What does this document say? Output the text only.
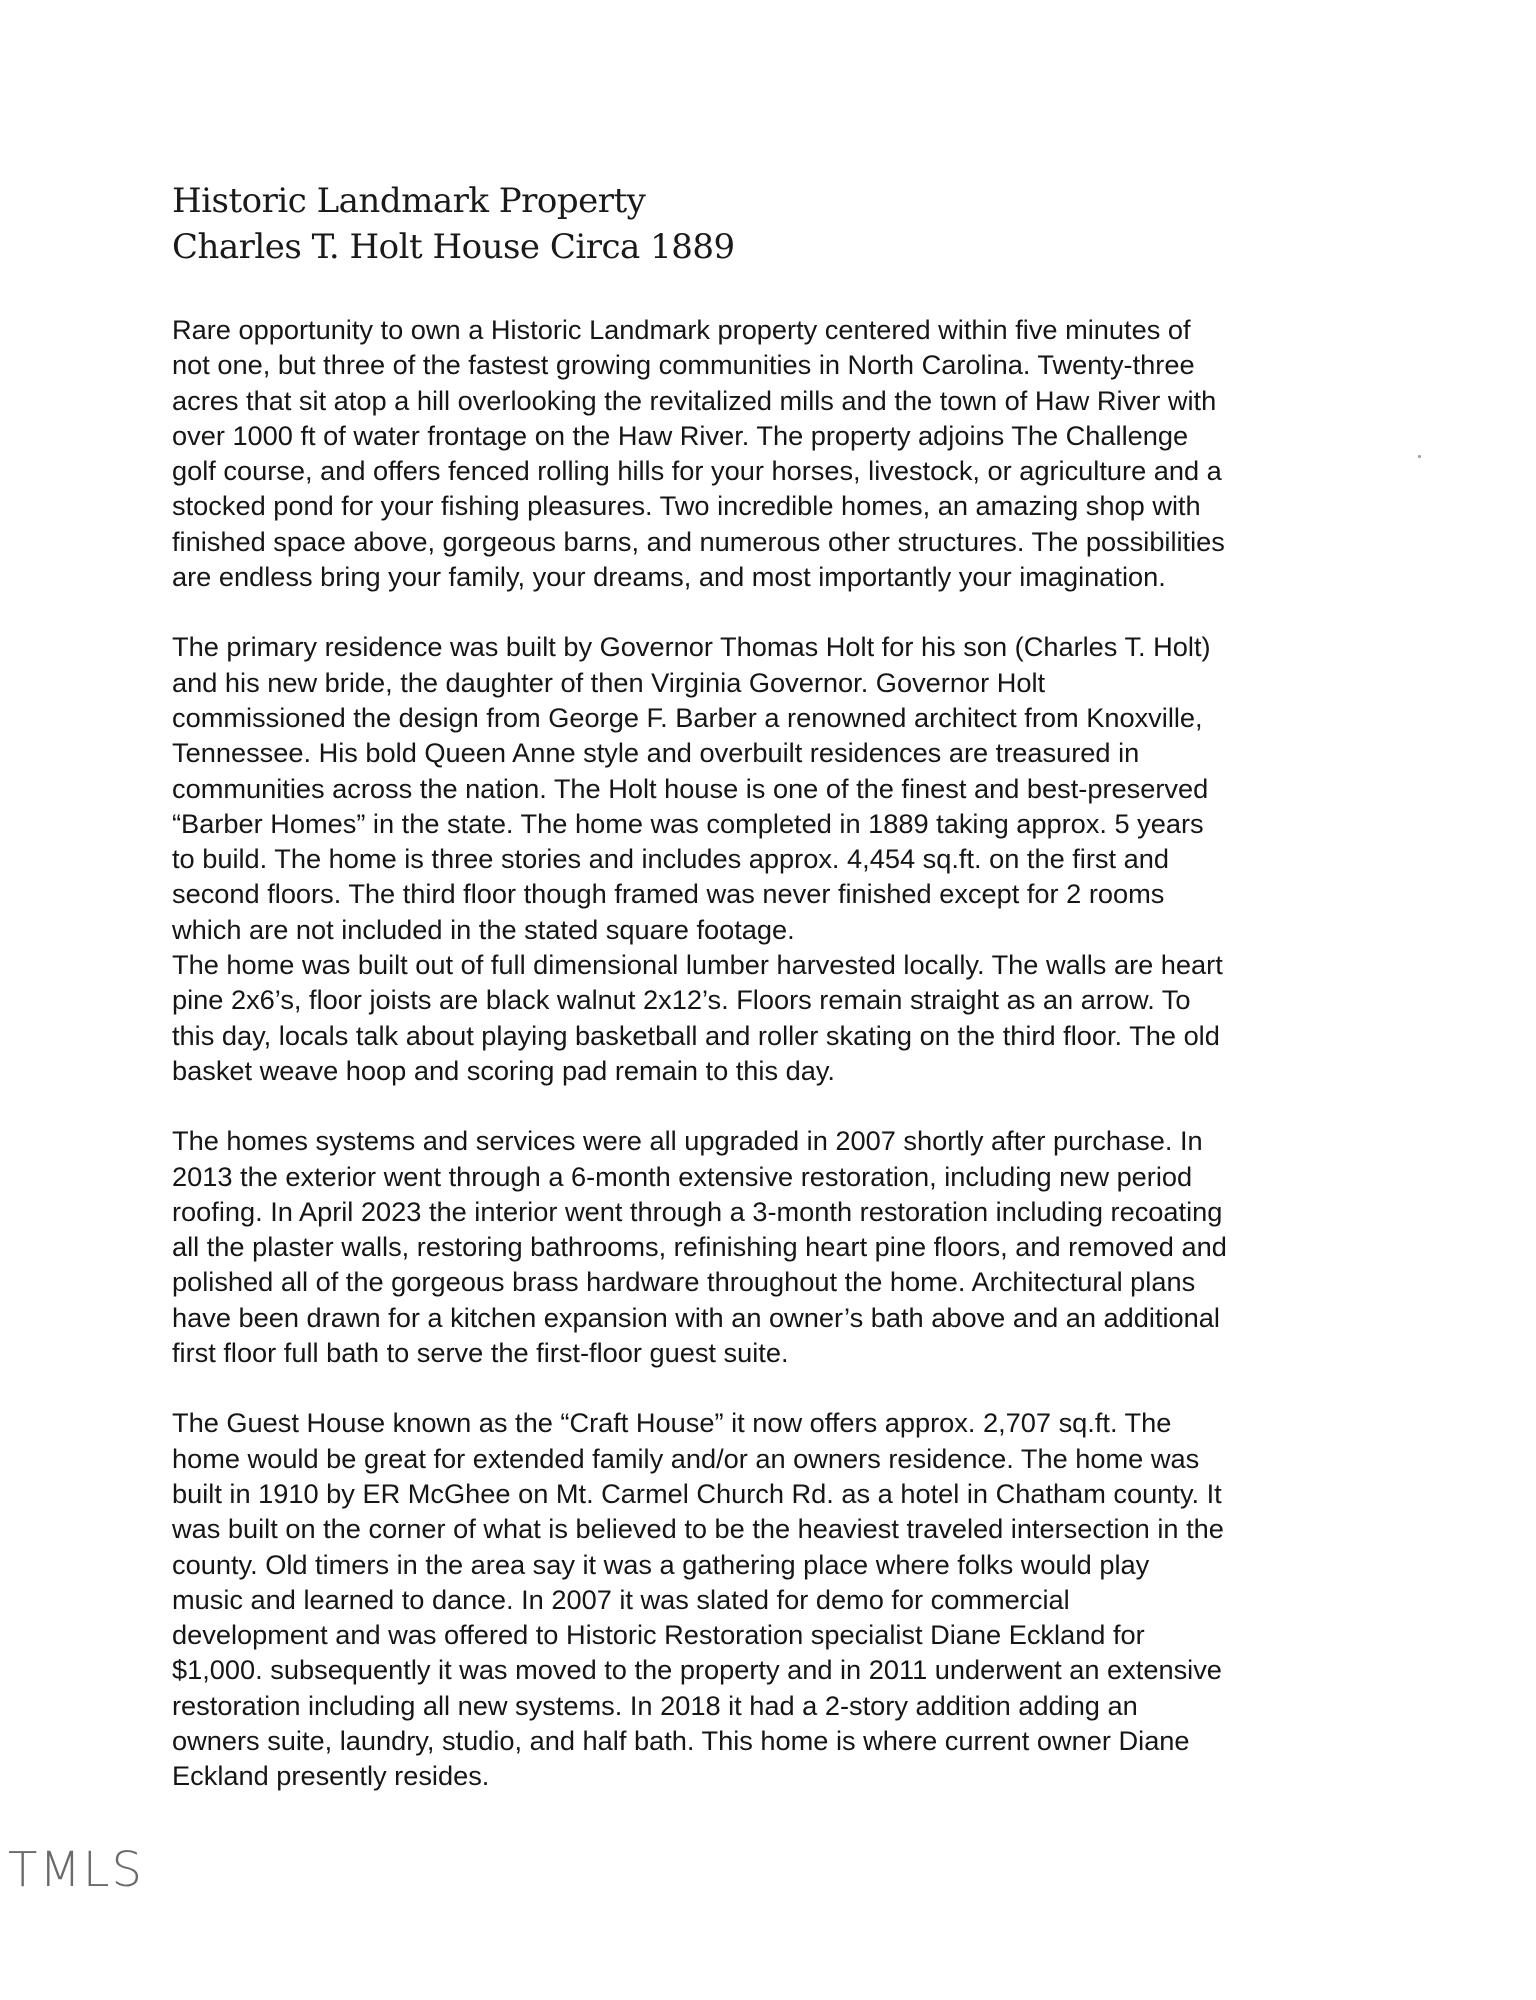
Historic Landmark Property
Charles T. Holt House Circa 1889
Rare opportunity to own a Historic Landmark property centered within five minutes of
not one, but three of the fastest growing communities in North Carolina. Twenty-three
acres that sit atop a hill overlooking the revitalized mills and the town of Haw River with
over 1000 ft of water frontage on the Haw River. The property adjoins The Challenge
golf course, and offers fenced rolling hills for your horses, livestock, or agriculture and a
stocked pond for your fishing pleasures. Two incredible homes, an amazing shop with
finished space above, gorgeous barns, and numerous other structures. The possibilities
are endless bring your family, your dreams, and most importantly your imagination.
The primary residence was built by Governor Thomas Holt for his son (Charles T. Holt)
and his new bride, the daughter of then Virginia Governor. Governor Holt
commissioned the design from George F. Barber a renowned architect from Knoxville,
Tennessee. His bold Queen Anne style and overbuilt residences are treasured in
communities across the nation. The Holt house is one of the finest and best-preserved
“Barber Homes” in the state. The home was completed in 1889 taking approx. 5 years
to build. The home is three stories and includes approx. 4,454 sq.ft. on the first and
second floors. The third floor though framed was never finished except for 2 rooms
which are not included in the stated square footage.
The home was built out of full dimensional lumber harvested locally. The walls are heart
pine 2x6’s, floor joists are black walnut 2x12’s. Floors remain straight as an arrow. To
this day, locals talk about playing basketball and roller skating on the third floor. The old
basket weave hoop and scoring pad remain to this day.
The homes systems and services were all upgraded in 2007 shortly after purchase. In
2013 the exterior went through a 6-month extensive restoration, including new period
roofing. In April 2023 the interior went through a 3-month restoration including recoating
all the plaster walls, restoring bathrooms, refinishing heart pine floors, and removed and
polished all of the gorgeous brass hardware throughout the home. Architectural plans
have been drawn for a kitchen expansion with an owner’s bath above and an additional
first floor full bath to serve the first-floor guest suite.
The Guest House known as the “Craft House” it now offers approx. 2,707 sq.ft. The
home would be great for extended family and/or an owners residence. The home was
built in 1910 by ER McGhee on Mt. Carmel Church Rd. as a hotel in Chatham county. It
was built on the corner of what is believed to be the heaviest traveled intersection in the
county. Old timers in the area say it was a gathering place where folks would play
music and learned to dance. In 2007 it was slated for demo for commercial
development and was offered to Historic Restoration specialist Diane Eckland for
$1,000. subsequently it was moved to the property and in 2011 underwent an extensive
restoration including all new systems. In 2018 it had a 2-story addition adding an
owners suite, laundry, studio, and half bath. This home is where current owner Diane
Eckland presently resides.
TMLS
